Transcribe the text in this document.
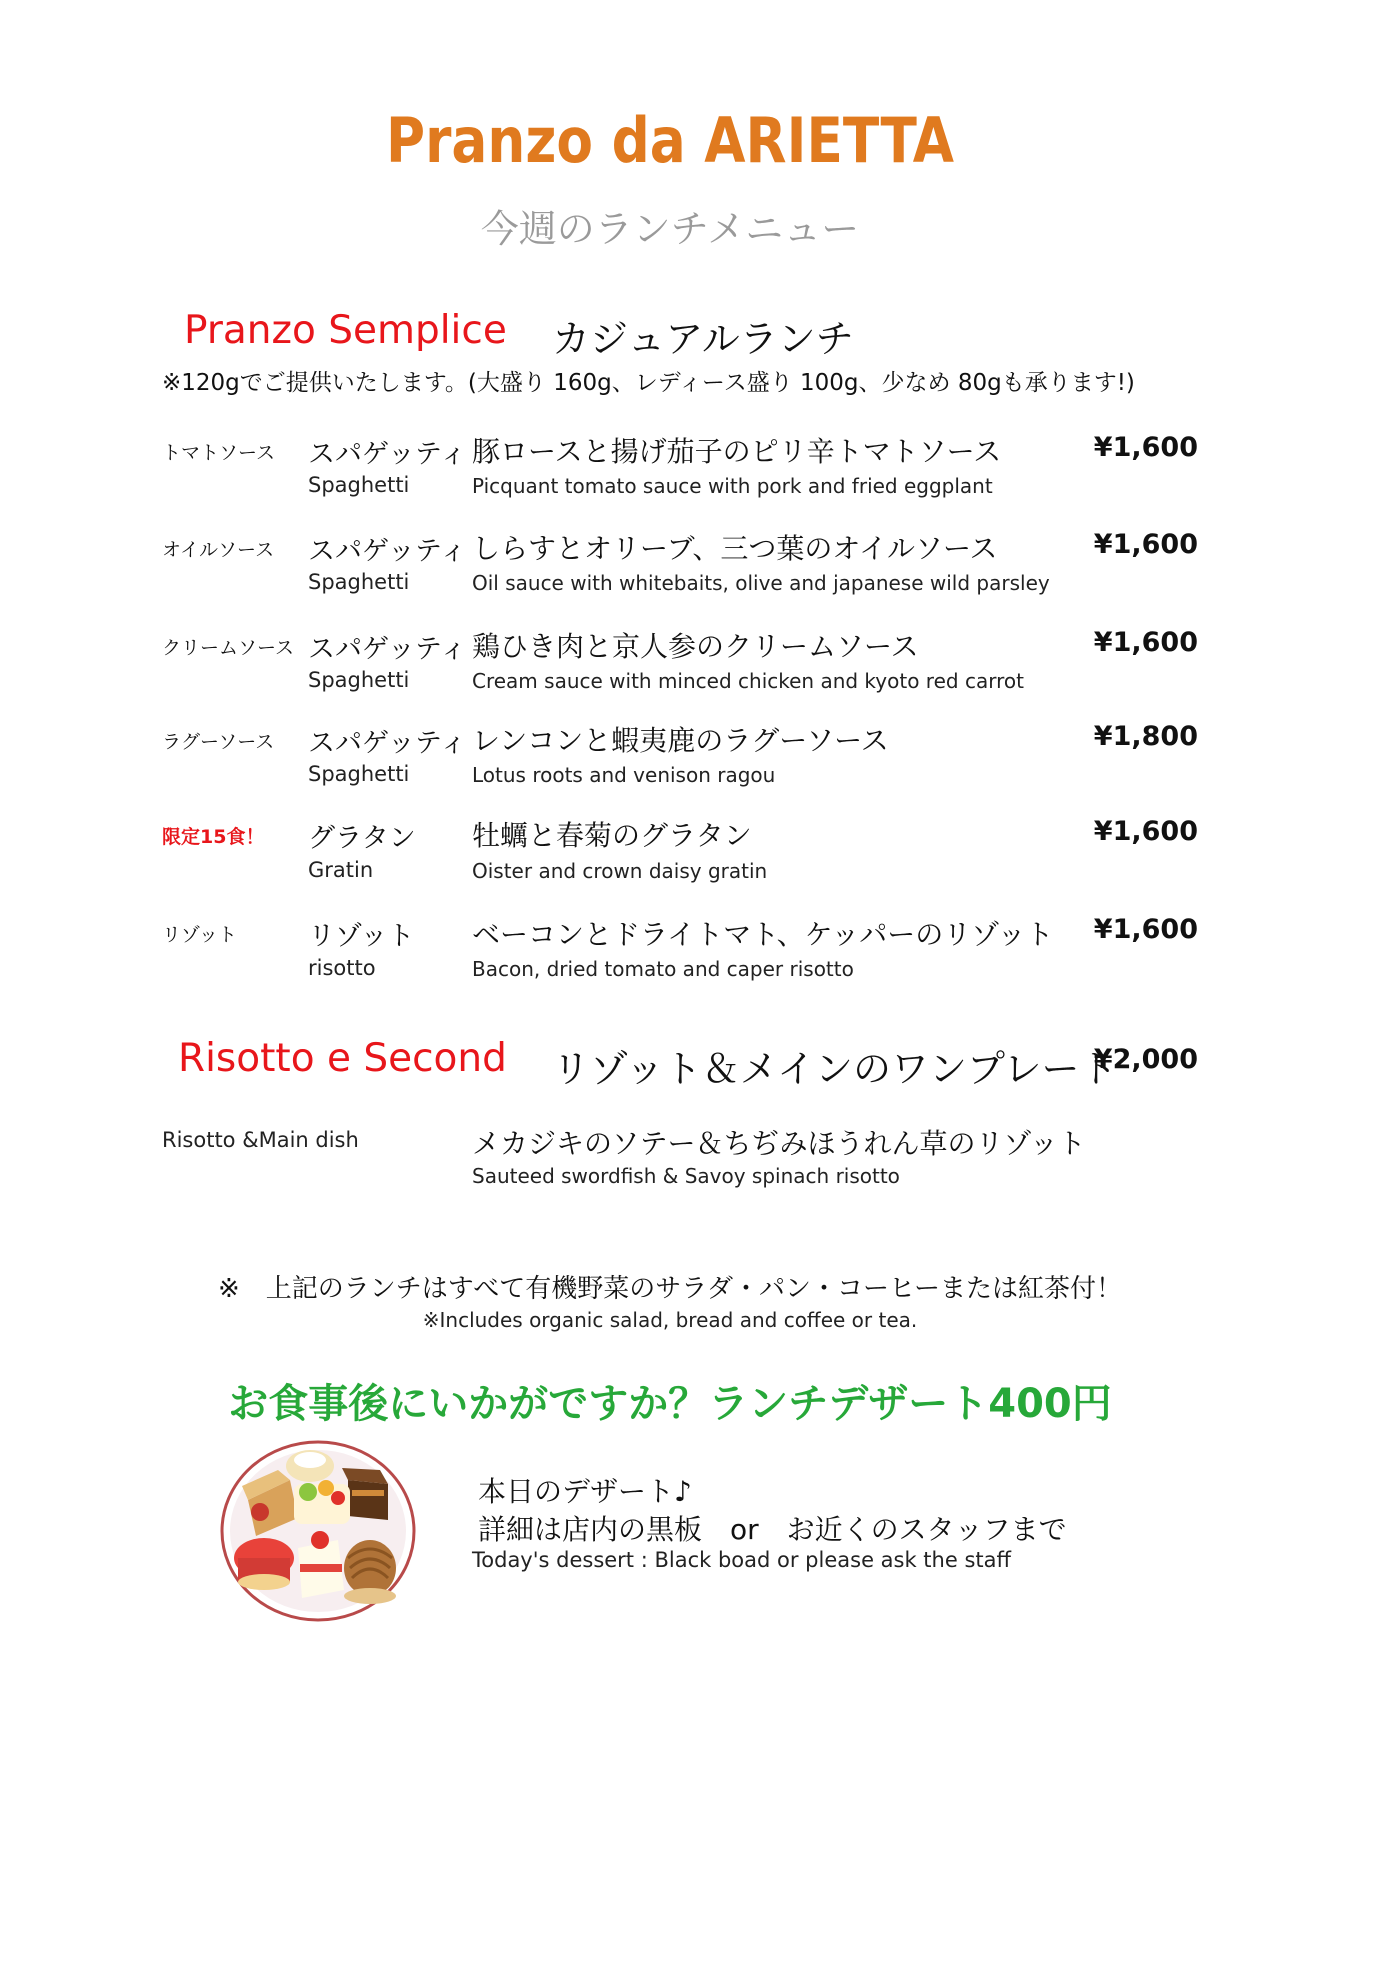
Pranzo da ARIETTA
今週のランチメニュー
Pranzo Semplice カジュアルランチ
※120gでご提供いたします。(大盛り 160g、レディース盛り 100g、少なめ 80gも承ります!)
トマトソース スパゲッティ
Spaghetti
豚ロースと揚げ茄子のピリ辛トマトソース
Picquant tomato sauce with pork and fried eggplant
¥1,600
オイルソース スパゲッティ
Spaghetti
しらすとオリーブ、三つ葉のオイルソース
Oil sauce with whitebaits, olive and japanese wild parsley
¥1,600
クリームソース スパゲッティ
Spaghetti
鶏ひき肉と京人参のクリームソース
Cream sauce with minced chicken and kyoto red carrot
¥1,600
ラグーソース スパゲッティ
Spaghetti
レンコンと蝦夷鹿のラグーソース
Lotus roots and venison ragou
¥1,800
限定15食！ グラタン
Gratin
牡蠣と春菊のグラタン
Oister and crown daisy gratin
¥1,600
リゾット	リゾット
risotto
ベーコンとドライトマト、ケッパーのリゾット
Bacon, dried tomato and caper risotto
¥1,600
Risotto e Second リゾット＆メインのワンプレート
¥2,000
Risotto &Main dish	メカジキのソテー＆ちぢみほうれん草のリゾット
Sauteed swordfish & Savoy spinach risotto
※　上記のランチはすべて有機野菜のサラダ・パン・コーヒーまたは紅茶付！
※Includes organic salad, bread and coffee or tea.
お食事後にいかがですか？ランチデザート400円
本日のデザート♪
詳細は店内の黒板　or　お近くのスタッフまで
Today's dessert : Black boad or please ask the staff
